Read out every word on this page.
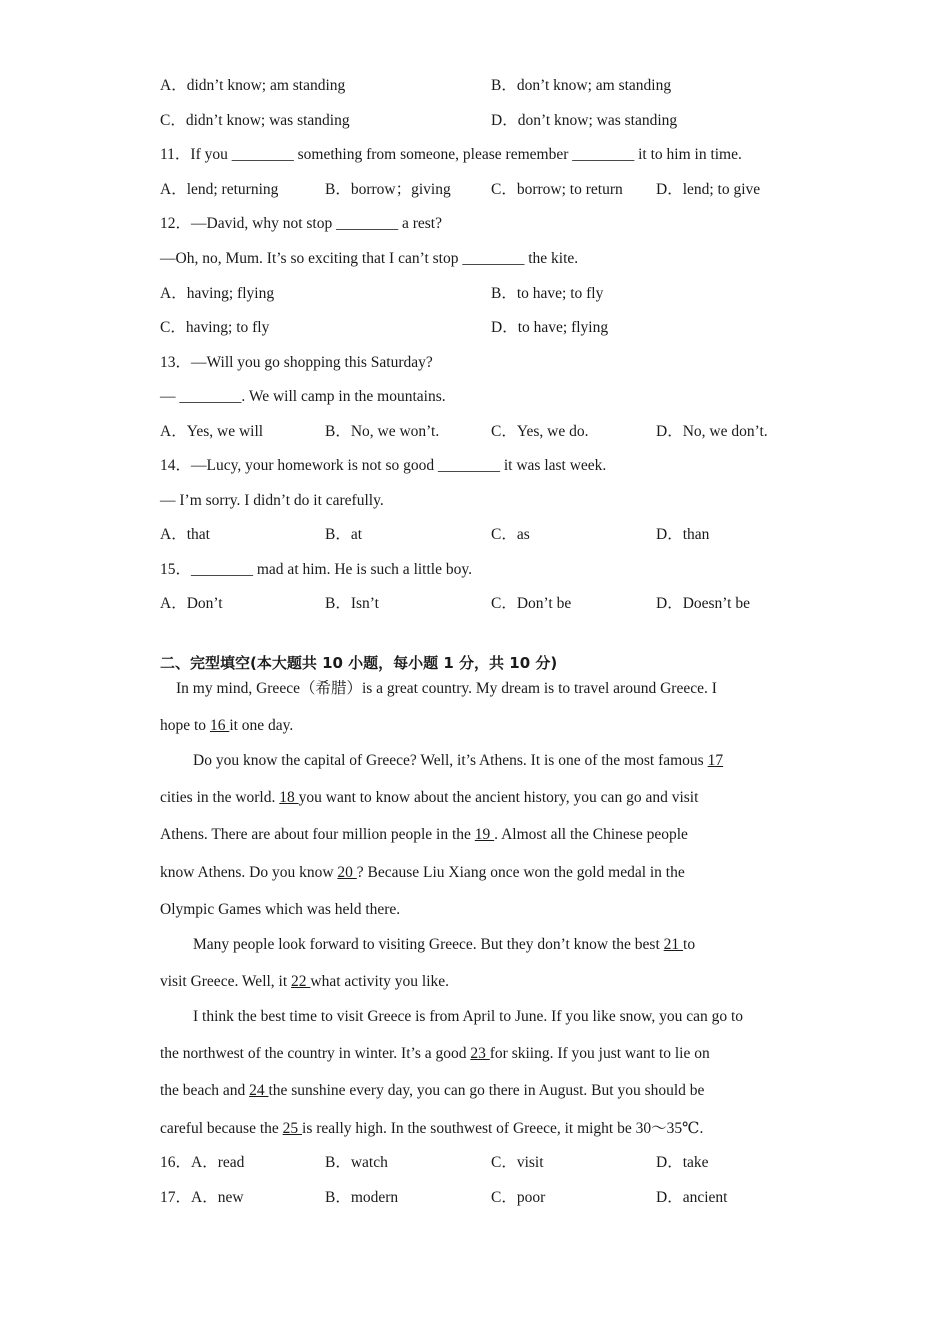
A．didn’t know; am standing	B．don’t know; am standing
C．didn’t know; was standing	D．don’t know; was standing
11．If you ________ something from someone, please remember ________ it to him in time.
A．lend; returning	B．borrow；giving	C．borrow; to return D．lend; to give
12．—David, why not stop ________ a rest?
—Oh, no, Mum. It’s so exciting that I can’t stop ________ the kite.
A．having; flying	B．to have; to fly
C．having; to fly	D．to have; flying
13．—Will you go shopping this Saturday?
— ________. We will camp in the mountains.
A．Yes, we will	B．No, we won’t.	C．Yes, we do.	D．No, we don’t.
14．—Lucy, your homework is not so good ________ it was last week.
— I’m sorry. I didn’t do it carefully.
A．that	B．at	C．as	D．than
15．________ mad at him. He is such a little boy.
A．Don’t	B．Isn’t	C．Don’t be	D．Doesn’t be
二、完型填空(本大题共 10 小题，每小题 1 分，共 10 分)
In my mind, Greece（希腊）is a great country. My dream is to travel around Greece. I
hope to 16 it one day.
Do you know the capital of Greece? Well, it’s Athens. It is one of the most famous 17
cities in the world. 18 you want to know about the ancient history, you can go and visit
Athens. There are about four million people in the 19 . Almost all the Chinese people
know Athens. Do you know 20 ? Because Liu Xiang once won the gold medal in the
Olympic Games which was held there.
Many people look forward to visiting Greece. But they don’t know the best 21 to
visit Greece. Well, it 22 what activity you like.
I think the best time to visit Greece is from April to June. If you like snow, you can go to
the northwest of the country in winter. It’s a good 23 for skiing. If you just want to lie on
the beach and 24 the sunshine every day, you can go there in August. But you should be
careful because the 25 is really high. In the southwest of Greece, it might be 30～35℃.
16．A．read	B．watch	C．visit	D．take
17．A．new	B．modern	C．poor	D．ancient
